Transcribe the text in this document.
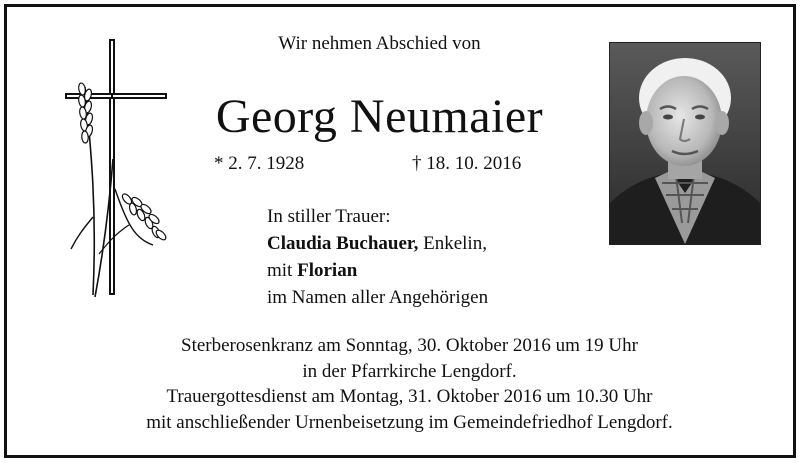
Wir nehmen Abschied von
Georg Neumaier
* 2. 7. 1928	† 18. 10. 2016
In stiller Trauer:
Claudia Buchauer, Enkelin,
mit Florian
im Namen aller Angehörigen
Sterberosenkranz am Sonntag, 30. Oktober 2016 um 19 Uhr
in der Pfarrkirche Lengdorf.
Trauergottesdienst am Montag, 31. Oktober 2016 um 10.30 Uhr
mit anschließender Urnenbeisetzung im Gemeindefriedhof Lengdorf.
